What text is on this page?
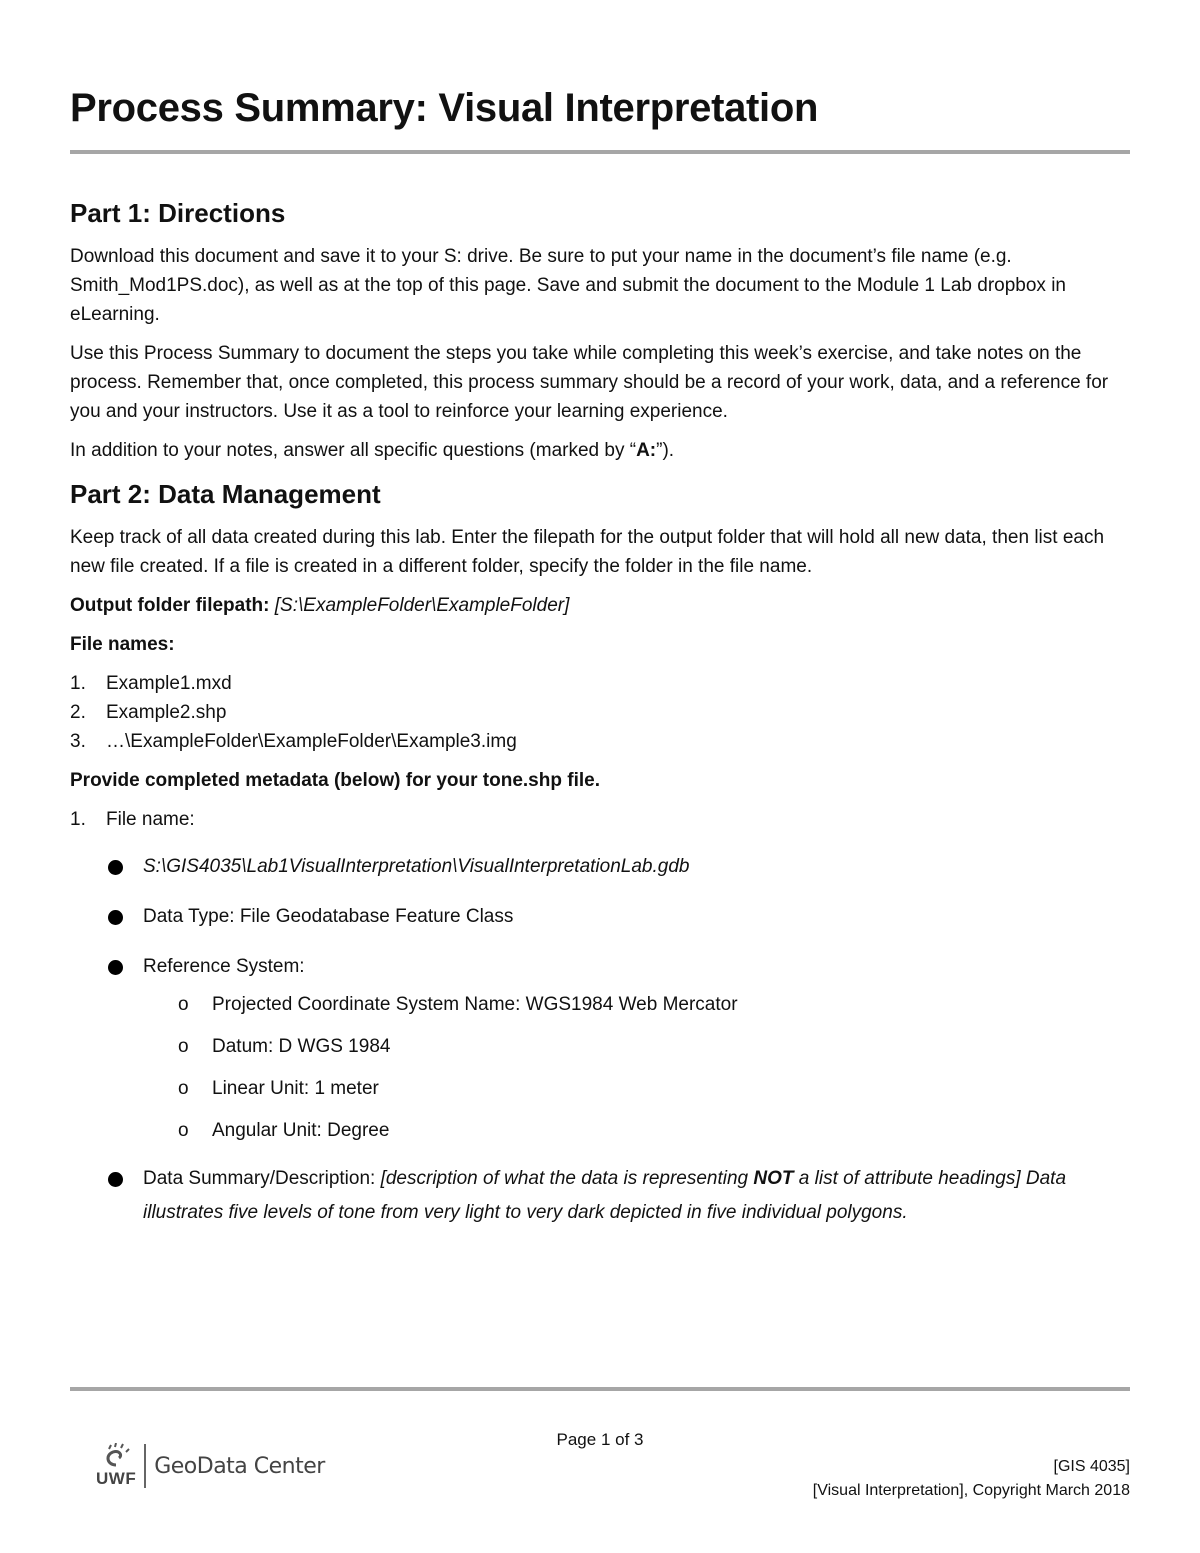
Process Summary: Visual Interpretation
Part 1: Directions

Download this document and save it to your S: drive. Be sure to put your name in the document’s file name (e.g. Smith_Mod1PS.doc), as well as at the top of this page. Save and submit the document to the Module 1 Lab dropbox in eLearning.

Use this Process Summary to document the steps you take while completing this week’s exercise, and take notes on the process. Remember that, once completed, this process summary should be a record of your work, data, and a reference for you and your instructors. Use it as a tool to reinforce your learning experience.

In addition to your notes, answer all specific questions (marked by “A:”).

Part 2: Data Management

Keep track of all data created during this lab. Enter the filepath for the output folder that will hold all new data, then list each new file created. If a file is created in a different folder, specify the folder in the file name.

Output folder filepath: [S:\ExampleFolder\ExampleFolder]

File names:

1.	Example1.mxd
2.	Example2.shp
3.	…\ExampleFolder\ExampleFolder\Example3.img

Provide completed metadata (below) for your tone.shp file.

1.	File name:
S:\GIS4035\Lab1VisualInterpretation\VisualInterpretationLab.gdb
Data Type: File Geodatabase Feature Class
Reference System:
o	Projected Coordinate System Name: WGS1984 Web Mercator
o	Datum: D WGS 1984
o	Linear Unit: 1 meter
o	Angular Unit: Degree
Data Summary/Description: [description of what the data is representing NOT a list of attribute headings] Data illustrates five levels of tone from very light to very dark depicted in five individual polygons.
Page 1 of 3
UWF GeoData Center	[GIS 4035]
[Visual Interpretation], Copyright March 2018
